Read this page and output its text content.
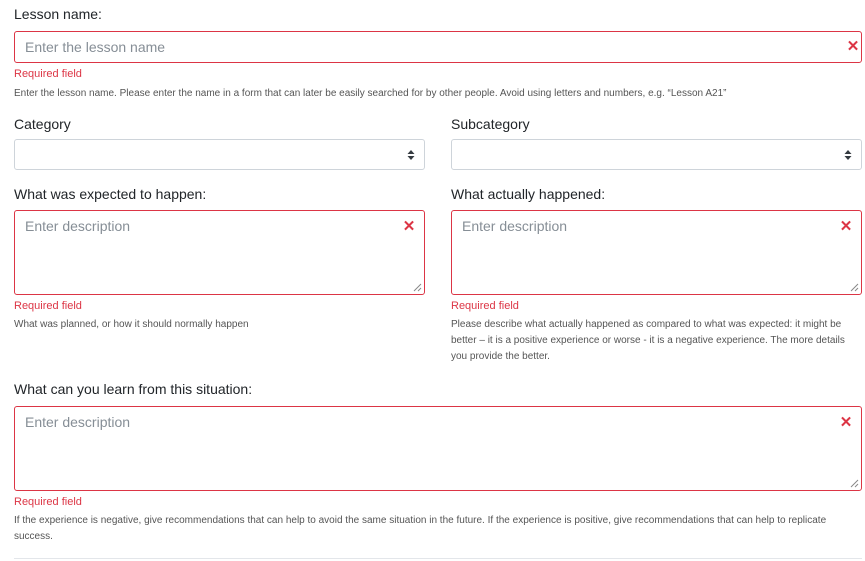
Lesson name:
Enter the lesson name
✕
Required field
Enter the lesson name. Please enter the name in a form that can later be easily searched for by other people. Avoid using letters and numbers, e.g. “Lesson A21”
Category	Subcategory
What was expected to happen:
Enter description
✕
Required field
What was planned, or how it should normally happen
What actually happened:
Enter description
✕
Required field
Please describe what actually happened as compared to what was expected: it might be better – it is a positive experience or worse - it is a negative experience. The more details you provide the better.
What can you learn from this situation:
Enter description
✕
Required field
If the experience is negative, give recommendations that can help to avoid the same situation in the future. If the experience is positive, give recommendations that can help to replicate success.
